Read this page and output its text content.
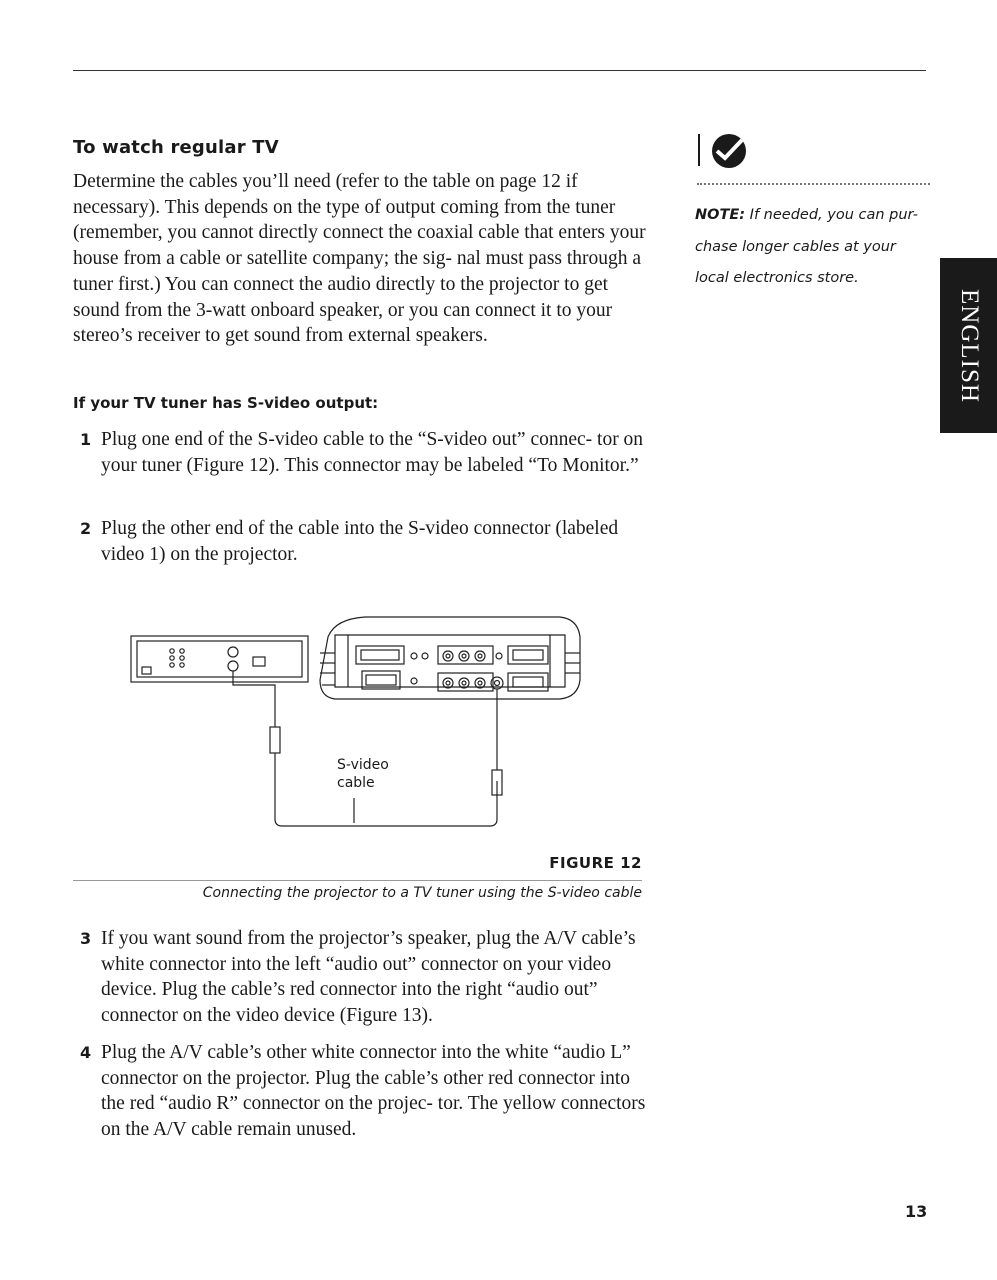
To watch regular TV

Determine the cables you’ll need (refer to the table on page 12 if necessary). This depends on the type of output coming from the tuner (remember, you cannot directly connect the coaxial cable that enters your house from a cable or satellite company; the sig- nal must pass through a tuner first.) You can connect the audio directly to the projector to get sound from the 3-watt onboard speaker, or you can connect it to your stereo’s receiver to get sound from external speakers.

If your TV tuner has S-video output:
1 Plug one end of the S-video cable to the “S-video out” connec- tor on your tuner (Figure 12). This connector may be labeled “To Monitor.”
2 Plug the other end of the cable into the S-video connector (labeled video 1) on the projector.
S-video
cable
FIGURE 12
Connecting the projector to a TV tuner using the S-video cable
3 If you want sound from the projector’s speaker, plug the A/V cable’s white connector into the left “audio out” connector on your video device. Plug the cable’s red connector into the right “audio out” connector on the video device (Figure 13).
4 Plug the A/V cable’s other white connector into the white “audio L” connector on the projector. Plug the cable’s other red connector into the red “audio R” connector on the projec- tor. The yellow connectors on the A/V cable remain unused.
NOTE: If needed, you can pur- chase longer cables at your local electronics store.
ENGLISH
13
